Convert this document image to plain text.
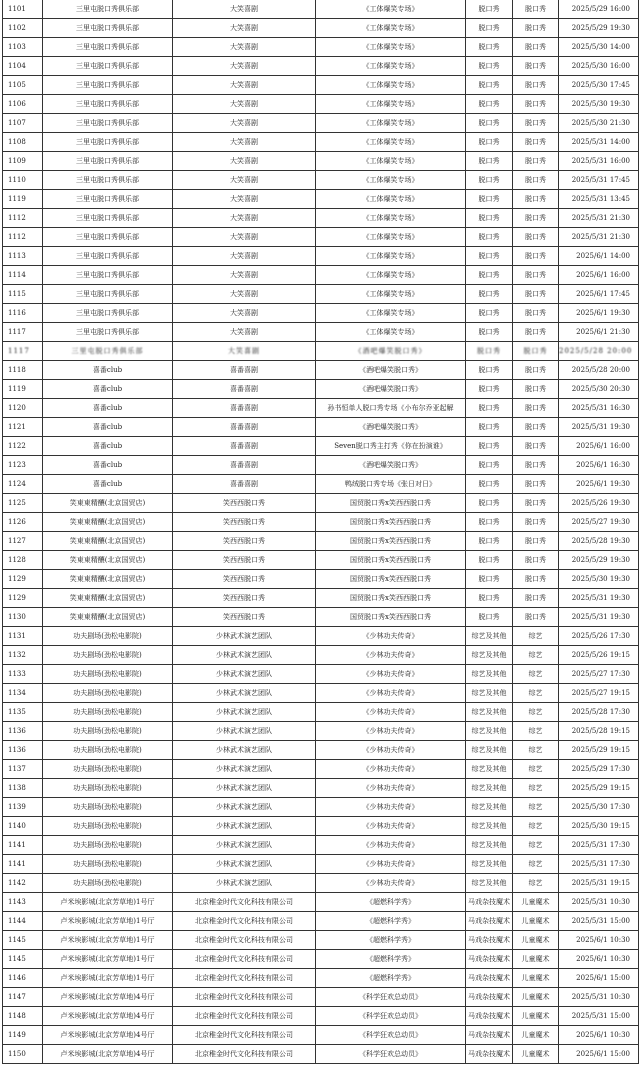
1101	三里屯脱口秀俱乐部	大笑喜剧	《工体爆笑专场》	脱口秀	脱口秀	2025/5/29 16:00
1102	三里屯脱口秀俱乐部	大笑喜剧	《工体爆笑专场》	脱口秀	脱口秀	2025/5/29 19:30
1103	三里屯脱口秀俱乐部	大笑喜剧	《工体爆笑专场》	脱口秀	脱口秀	2025/5/30 14:00
1104	三里屯脱口秀俱乐部	大笑喜剧	《工体爆笑专场》	脱口秀	脱口秀	2025/5/30 16:00
1105	三里屯脱口秀俱乐部	大笑喜剧	《工体爆笑专场》	脱口秀	脱口秀	2025/5/30 17:45
1106	三里屯脱口秀俱乐部	大笑喜剧	《工体爆笑专场》	脱口秀	脱口秀	2025/5/30 19:30
1107	三里屯脱口秀俱乐部	大笑喜剧	《工体爆笑专场》	脱口秀	脱口秀	2025/5/30 21:30
1108	三里屯脱口秀俱乐部	大笑喜剧	《工体爆笑专场》	脱口秀	脱口秀	2025/5/31 14:00
1109	三里屯脱口秀俱乐部	大笑喜剧	《工体爆笑专场》	脱口秀	脱口秀	2025/5/31 16:00
1110	三里屯脱口秀俱乐部	大笑喜剧	《工体爆笑专场》	脱口秀	脱口秀	2025/5/31 17:45
1119	三里屯脱口秀俱乐部	大笑喜剧	《工体爆笑专场》	脱口秀	脱口秀	2025/5/31 13:45
1112	三里屯脱口秀俱乐部	大笑喜剧	《工体爆笑专场》	脱口秀	脱口秀	2025/5/31 21:30
1112	三里屯脱口秀俱乐部	大笑喜剧	《工体爆笑专场》	脱口秀	脱口秀	2025/5/31 21:30
1113	三里屯脱口秀俱乐部	大笑喜剧	《工体爆笑专场》	脱口秀	脱口秀	2025/6/1 14:00
1114	三里屯脱口秀俱乐部	大笑喜剧	《工体爆笑专场》	脱口秀	脱口秀	2025/6/1 16:00
1115	三里屯脱口秀俱乐部	大笑喜剧	《工体爆笑专场》	脱口秀	脱口秀	2025/6/1 17:45
1116	三里屯脱口秀俱乐部	大笑喜剧	《工体爆笑专场》	脱口秀	脱口秀	2025/6/1 19:30
1117	三里屯脱口秀俱乐部	大笑喜剧	《工体爆笑专场》	脱口秀	脱口秀	2025/6/1 21:30
1117	三里屯脱口秀俱乐部	大笑喜剧	《酒吧爆笑脱口秀》	脱口秀	脱口秀	2025/5/28 20:00
1118	喜番club	喜番喜剧	《酒吧爆笑脱口秀》	脱口秀	脱口秀	2025/5/28 20:00
1119	喜番club	喜番喜剧	《酒吧爆笑脱口秀》	脱口秀	脱口秀	2025/5/30 20:30
1120	喜番club	喜番喜剧	孙书恒单人脱口秀专场《小布尔乔亚起解	脱口秀	脱口秀	2025/5/31 16:30
1121	喜番club	喜番喜剧	《酒吧爆笑脱口秀》	脱口秀	脱口秀	2025/5/31 19:30
1122	喜番club	喜番喜剧	Seven脱口秀主打秀《你在扮演谁》	脱口秀	脱口秀	2025/6/1 16:00
1123	喜番club	喜番喜剧	《酒吧爆笑脱口秀》	脱口秀	脱口秀	2025/6/1 16:30
1124	喜番club	喜番喜剧	鸭绒脱口秀专场《张日对日》	脱口秀	脱口秀	2025/6/1 19:30
1125	笑東東精釀(北京国贸店)	笑西西脱口秀	国贸脱口秀x笑西西脱口秀	脱口秀	脱口秀	2025/5/26 19:30
1126	笑東東精釀(北京国贸店)	笑西西脱口秀	国贸脱口秀x笑西西脱口秀	脱口秀	脱口秀	2025/5/27 19:30
1127	笑東東精釀(北京国贸店)	笑西西脱口秀	国贸脱口秀x笑西西脱口秀	脱口秀	脱口秀	2025/5/28 19:30
1128	笑東東精釀(北京国贸店)	笑西西脱口秀	国贸脱口秀x笑西西脱口秀	脱口秀	脱口秀	2025/5/29 19:30
1129	笑東東精釀(北京国贸店)	笑西西脱口秀	国贸脱口秀x笑西西脱口秀	脱口秀	脱口秀	2025/5/30 19:30
1129	笑東東精釀(北京国贸店)	笑西西脱口秀	国贸脱口秀x笑西西脱口秀	脱口秀	脱口秀	2025/5/31 19:30
1130	笑東東精釀(北京国贸店)	笑西西脱口秀	国贸脱口秀x笑西西脱口秀	脱口秀	脱口秀	2025/5/31 19:30
1131	功夫剧场(劲松电影院)	少林武术演艺团队	《少林功夫传奇》	综艺及其他	综艺	2025/5/26 17:30
1132	功夫剧场(劲松电影院)	少林武术演艺团队	《少林功夫传奇》	综艺及其他	综艺	2025/5/26 19:15
1133	功夫剧场(劲松电影院)	少林武术演艺团队	《少林功夫传奇》	综艺及其他	综艺	2025/5/27 17:30
1134	功夫剧场(劲松电影院)	少林武术演艺团队	《少林功夫传奇》	综艺及其他	综艺	2025/5/27 19:15
1135	功夫剧场(劲松电影院)	少林武术演艺团队	《少林功夫传奇》	综艺及其他	综艺	2025/5/28 17:30
1136	功夫剧场(劲松电影院)	少林武术演艺团队	《少林功夫传奇》	综艺及其他	综艺	2025/5/28 19:15
1136	功夫剧场(劲松电影院)	少林武术演艺团队	《少林功夫传奇》	综艺及其他	综艺	2025/5/29 19:15
1137	功夫剧场(劲松电影院)	少林武术演艺团队	《少林功夫传奇》	综艺及其他	综艺	2025/5/29 17:30
1138	功夫剧场(劲松电影院)	少林武术演艺团队	《少林功夫传奇》	综艺及其他	综艺	2025/5/29 19:15
1139	功夫剧场(劲松电影院)	少林武术演艺团队	《少林功夫传奇》	综艺及其他	综艺	2025/5/30 17:30
1140	功夫剧场(劲松电影院)	少林武术演艺团队	《少林功夫传奇》	综艺及其他	综艺	2025/5/30 19:15
1141	功夫剧场(劲松电影院)	少林武术演艺团队	《少林功夫传奇》	综艺及其他	综艺	2025/5/31 17:30
1141	功夫剧场(劲松电影院)	少林武术演艺团队	《少林功夫传奇》	综艺及其他	综艺	2025/5/31 17:30
1142	功夫剧场(劲松电影院)	少林武术演艺团队	《少林功夫传奇》	综艺及其他	综艺	2025/5/31 19:15
1143	卢米埃影城(北京芳草地)1号厅	北京稚金时代文化科技有限公司	《超燃科学秀》	马戏杂技魔术	儿童魔术	2025/5/31 10:30
1144	卢米埃影城(北京芳草地)1号厅	北京稚金时代文化科技有限公司	《超燃科学秀》	马戏杂技魔术	儿童魔术	2025/5/31 15:00
1145	卢米埃影城(北京芳草地)1号厅	北京稚金时代文化科技有限公司	《超燃科学秀》	马戏杂技魔术	儿童魔术	2025/6/1 10:30
1145	卢米埃影城(北京芳草地)1号厅	北京稚金时代文化科技有限公司	《超燃科学秀》	马戏杂技魔术	儿童魔术	2025/6/1 10:30
1146	卢米埃影城(北京芳草地)1号厅	北京稚金时代文化科技有限公司	《超燃科学秀》	马戏杂技魔术	儿童魔术	2025/6/1 15:00
1147	卢米埃影城(北京芳草地)4号厅	北京稚金时代文化科技有限公司	《科学狂欢总动员》	马戏杂技魔术	儿童魔术	2025/5/31 10:30
1148	卢米埃影城(北京芳草地)4号厅	北京稚金时代文化科技有限公司	《科学狂欢总动员》	马戏杂技魔术	儿童魔术	2025/5/31 15:00
1149	卢米埃影城(北京芳草地)4号厅	北京稚金时代文化科技有限公司	《科学狂欢总动员》	马戏杂技魔术	儿童魔术	2025/6/1 10:30
1150	卢米埃影城(北京芳草地)4号厅	北京稚金时代文化科技有限公司	《科学狂欢总动员》	马戏杂技魔术	儿童魔术	2025/6/1 15:00
